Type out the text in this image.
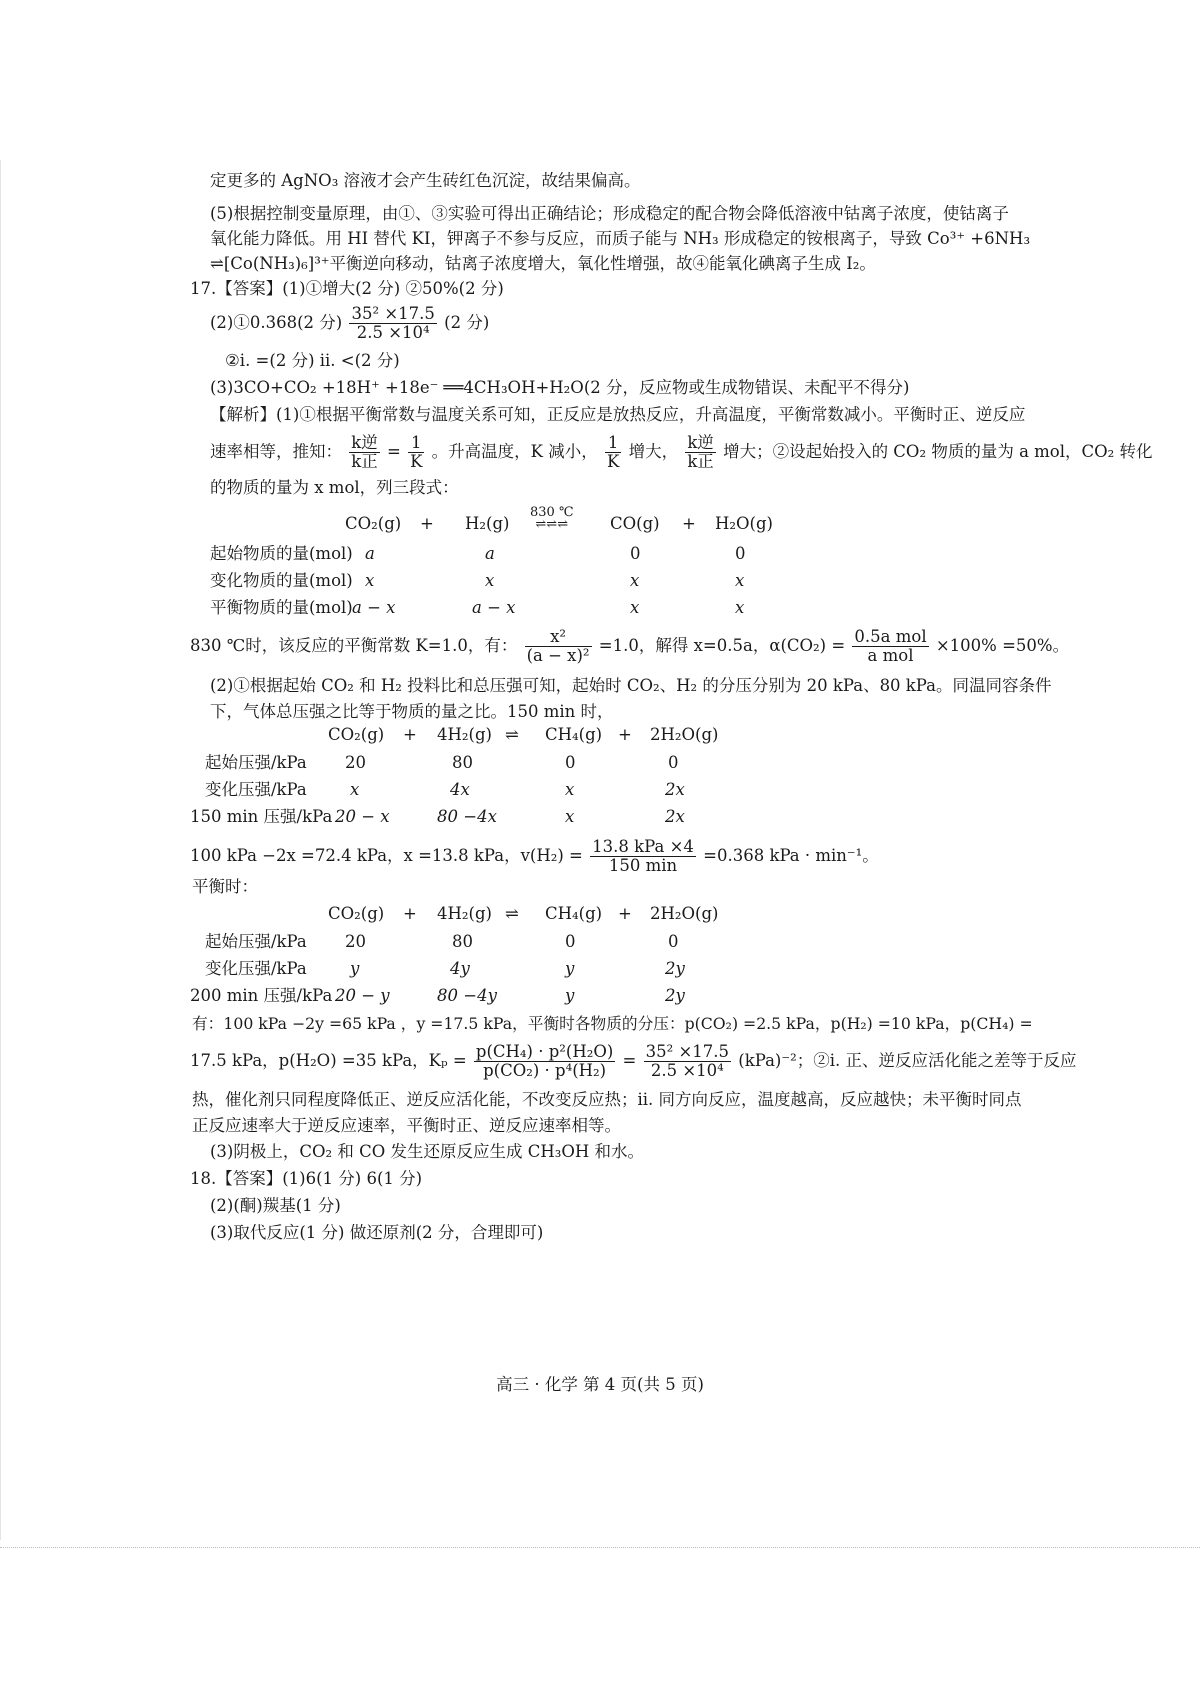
定更多的 AgNO₃ 溶液才会产生砖红色沉淀，故结果偏高。
(5)根据控制变量原理，由①、③实验可得出正确结论；形成稳定的配合物会降低溶液中钴离子浓度，使钴离子
氧化能力降低。用 HI 替代 KI，钾离子不参与反应，而质子能与 NH₃ 形成稳定的铵根离子，导致 Co³⁺ +6NH₃
⇌[Co(NH₃)₆]³⁺平衡逆向移动，钴离子浓度增大，氧化性增强，故④能氧化碘离子生成 I₂。
17.【答案】(1)①增大(2 分) ②50%(2 分)
(2)①0.368(2 分) $\frac{\text{35² ×17.5}}{\text{2.5 ×10⁴}} (2$ 分)
②i. =(2 分) ii. <(2 分)
(3)3CO+CO₂ +18H⁺ +18e⁻ ══4CH₃OH+H₂O(2 分，反应物或生成物错误、未配平不得分)
【解析】(1)①根据平衡常数与温度关系可知，正反应是放热反应，升高温度，平衡常数减小。平衡时正、逆反应
速率相等，推知： $\frac{\text{k逆}}{\text{k正}} = \frac{1}{K}$ 。升高温度，K 减小， $\frac{1}{K}$ 增大， $\frac{\text{k逆}}{\text{k正}}$ 增大；②设起始投入的 CO₂ 物质的量为 a mol，CO₂ 转化
的物质的量为 x mol，列三段式：
CO₂(g) + H₂(g)
830 ℃
⇌⇌⇌	CO(g) + H₂O(g)
起始物质的量(mol) a	a	0	0
变化物质的量(mol) x	x	x	x
平衡物质的量(mol) a − x	a − x	x	x
830 ℃时，该反应的平衡常数 K=1.0，有： $\frac{\text{x²}}{\text{(a − x)²}} =1.0$，解得 x=0.5a，$\alpha(CO_2) = \frac{\text{0.5a mol}}{\text{a mol}} \times 100\% =50\%$。
(2)①根据起始 CO₂ 和 H₂ 投料比和总压强可知，起始时 CO₂、H₂ 的分压分别为 20 kPa、80 kPa。同温同容条件
下，气体总压强之比等于物质的量之比。150 min 时，
CO₂(g) + 4H₂(g) ⇌ CH₄(g) + 2H₂O(g)
起始压强/kPa 20	80	0	0
变化压强/kPa	x	4x	x	2x
150 min 压强/kPa 20 − x	80 −4x	x	2x
100 kPa −2x =72.4 kPa，x =13.8 kPa，$v(H_2) = \frac{\text{13.8 kPa ×4}}{150 \min} =0.368$ kPa · min⁻¹。
平衡时：
CO₂(g) + 4H₂(g) ⇌ CH₄(g) + 2H₂O(g)
起始压强/kPa 20	80	0	0
变化压强/kPa	y	4y	y	2y
200 min 压强/kPa 20 − y	80 −4y	y	2y
有：100 kPa −2y =65 kPa ，y =17.5 kPa，平衡时各物质的分压：p(CO₂) =2.5 kPa，p(H₂) =10 kPa，p(CH₄) =
17.5 kPa，p(H₂O) =35 kPa，$K_p = \frac{\text{p(CH₄) · p²(H₂O)}}{\text{p(CO₂) · p⁴(H₂)}} = \frac{\text{35² ×17.5}}{\text{2.5 ×10⁴}} (kPa)^{-2}$；②i. 正、逆反应活化能之差等于反应
热，催化剂只同程度降低正、逆反应活化能，不改变反应热；ii. 同方向反应，温度越高，反应越快；未平衡时同点
正反应速率大于逆反应速率，平衡时正、逆反应速率相等。
(3)阴极上，CO₂ 和 CO 发生还原反应生成 CH₃OH 和水。
18.【答案】(1)6(1 分) 6(1 分)
(2)(酮)羰基(1 分)
(3)取代反应(1 分) 做还原剂(2 分，合理即可)
高三 · 化学 第 4 页(共 5 页)
